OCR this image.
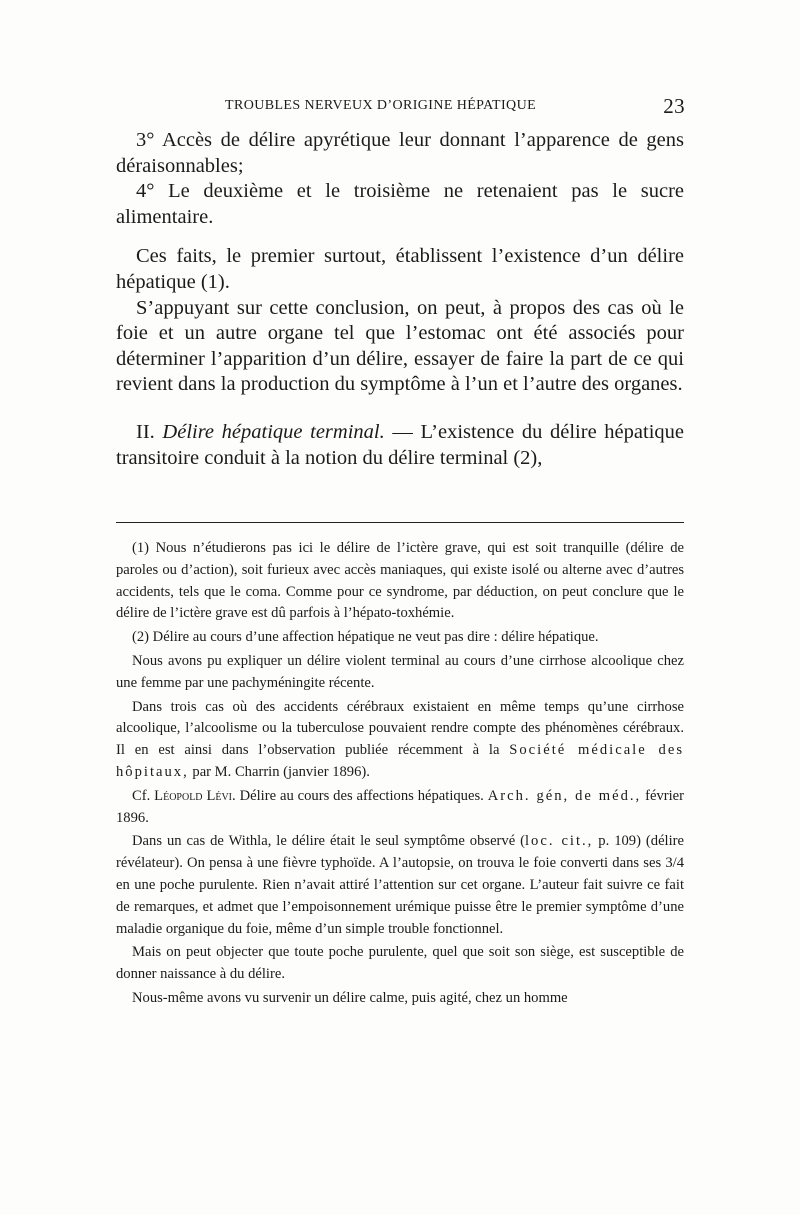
TROUBLES NERVEUX D’ORIGINE HÉPATIQUE	23

3° Accès de délire apyrétique leur donnant l’apparence de gens déraisonnables;

4° Le deuxième et le troisième ne retenaient pas le sucre alimentaire.

Ces faits, le premier surtout, établissent l’existence d’un délire hépatique (1).

S’appuyant sur cette conclusion, on peut, à propos des cas où le foie et un autre organe tel que l’estomac ont été associés pour déterminer l’apparition d’un délire, essayer de faire la part de ce qui revient dans la production du symptôme à l’un et l’autre des organes.

II. Délire hépatique terminal. — L’existence du délire hépatique transitoire conduit à la notion du délire terminal (2),

(1) Nous n’étudierons pas ici le délire de l’ictère grave, qui est soit tranquille (délire de paroles ou d’action), soit furieux avec accès maniaques, qui existe isolé ou alterne avec d’autres accidents, tels que le coma. Comme pour ce syndrome, par déduction, on peut conclure que le délire de l’ictère grave est dû parfois à l’hépato-toxhémie.

(2) Délire au cours d’une affection hépatique ne veut pas dire : délire hépatique.

Nous avons pu expliquer un délire violent terminal au cours d’une cirrhose alcoolique chez une femme par une pachyméningite récente.

Dans trois cas où des accidents cérébraux existaient en même temps qu’une cirrhose alcoolique, l’alcoolisme ou la tuberculose pouvaient rendre compte des phénomènes cérébraux. Il en est ainsi dans l’observation publiée récemment à la Société médicale des hôpitaux, par M. Charrin (janvier 1896).

Cf. Léopold Lévi. Délire au cours des affections hépatiques. Arch. gén, de méd., février 1896.

Dans un cas de Withla, le délire était le seul symptôme observé (loc. cit., p. 109) (délire révélateur). On pensa à une fièvre typhoïde. A l’autopsie, on trouva le foie converti dans ses 3/4 en une poche purulente. Rien n’avait attiré l’attention sur cet organe. L’auteur fait suivre ce fait de remarques, et admet que l’empoisonnement urémique puisse être le premier symptôme d’une maladie organique du foie, même d’un simple trouble fonctionnel.

Mais on peut objecter que toute poche purulente, quel que soit son siège, est susceptible de donner naissance à du délire.

Nous-même avons vu survenir un délire calme, puis agité, chez un homme
